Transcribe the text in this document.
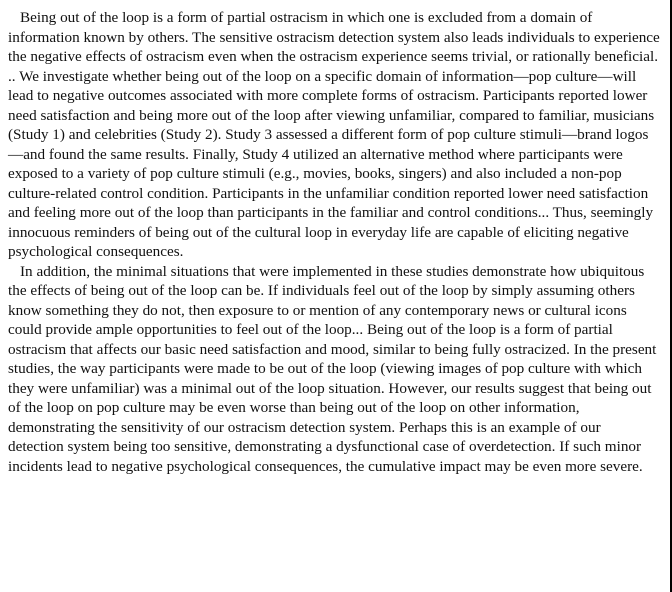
Being out of the loop is a form of partial ostracism in which one is excluded from a domain of information known by others. The sensitive ostracism detection system also leads individuals to experience the negative effects of ostracism even when the ostracism experience seems trivial, or rationally beneficial. .. We investigate whether being out of the loop on a specific domain of information—pop culture—will lead to negative outcomes associated with more complete forms of ostracism. Participants reported lower need satisfaction and being more out of the loop after viewing unfamiliar, compared to familiar, musicians (Study 1) and celebrities (Study 2). Study 3 assessed a different form of pop culture stimuli—brand logos—and found the same results. Finally, Study 4 utilized an alternative method where participants were exposed to a variety of pop culture stimuli (e.g., movies, books, singers) and also included a non-pop culture-related control condition. Participants in the unfamiliar condition reported lower need satisfaction and feeling more out of the loop than participants in the familiar and control conditions... Thus, seemingly innocuous reminders of being out of the cultural loop in everyday life are capable of eliciting negative psychological consequences.

In addition, the minimal situations that were implemented in these studies demonstrate how ubiquitous the effects of being out of the loop can be. If individuals feel out of the loop by simply assuming others know something they do not, then exposure to or mention of any contemporary news or cultural icons could provide ample opportunities to feel out of the loop... Being out of the loop is a form of partial ostracism that affects our basic need satisfaction and mood, similar to being fully ostracized. In the present studies, the way participants were made to be out of the loop (viewing images of pop culture with which they were unfamiliar) was a minimal out of the loop situation. However, our results suggest that being out of the loop on pop culture may be even worse than being out of the loop on other information, demonstrating the sensitivity of our ostracism detection system. Perhaps this is an example of our detection system being too sensitive, demonstrating a dysfunctional case of overdetection. If such minor incidents lead to negative psychological consequences, the cumulative impact may be even more severe.
